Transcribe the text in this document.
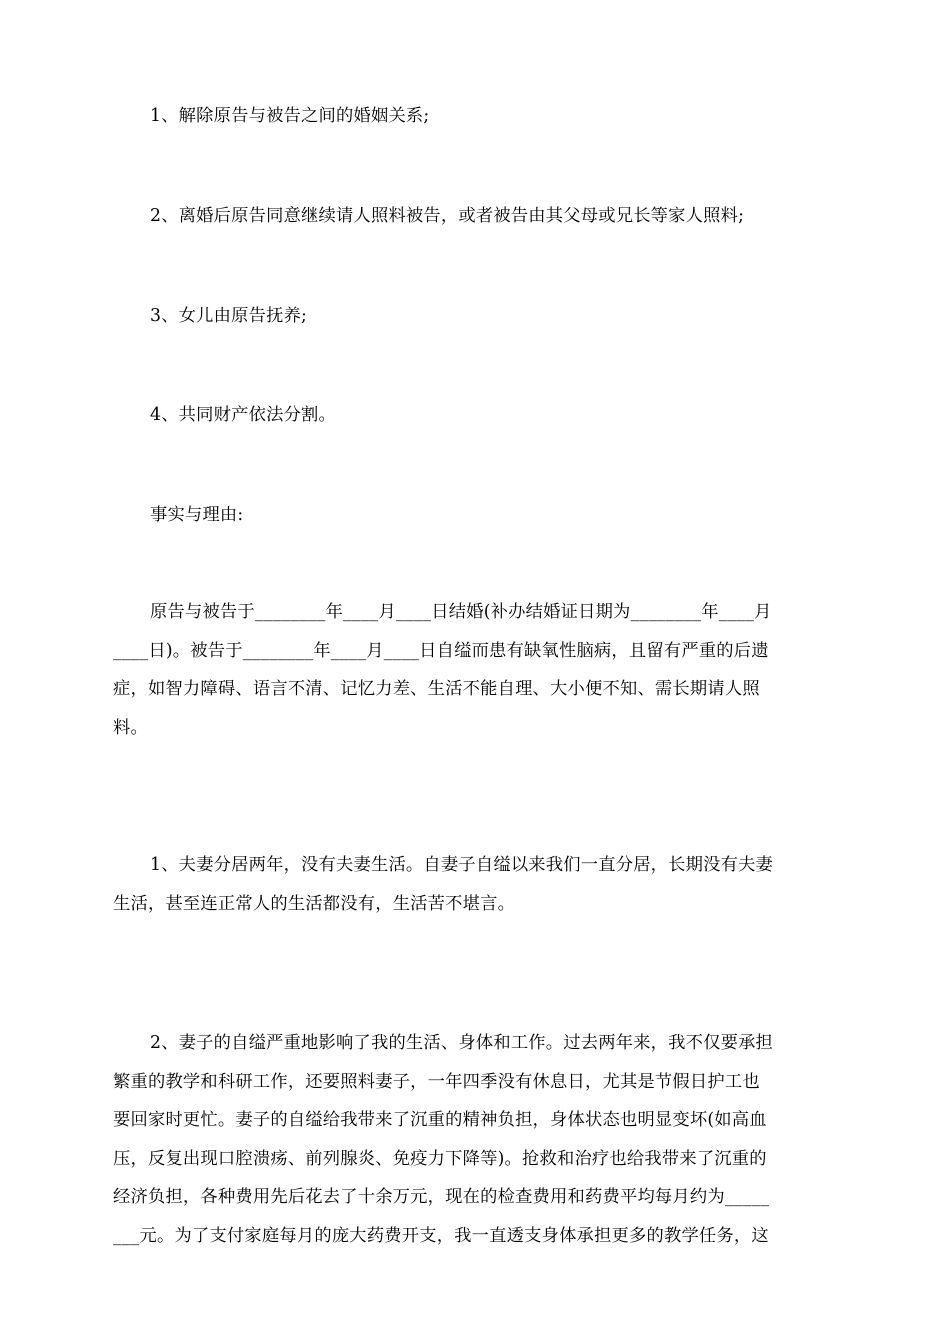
1、解除原告与被告之间的婚姻关系;

2、离婚后原告同意继续请人照料被告，或者被告由其父母或兄长等家人照料;

3、女儿由原告抚养;

4、共同财产依法分割。

事实与理由:

原告与被告于________年____月____日结婚(补办结婚证日期为________年____月
____日)。被告于________年____月____日自缢而患有缺氧性脑病，且留有严重的后遗
症，如智力障碍、语言不清、记忆力差、生活不能自理、大小便不知、需长期请人照
料。

1、夫妻分居两年，没有夫妻生活。自妻子自缢以来我们一直分居，长期没有夫妻
生活，甚至连正常人的生活都没有，生活苦不堪言。

2、妻子的自缢严重地影响了我的生活、身体和工作。过去两年来，我不仅要承担
繁重的教学和科研工作，还要照料妻子，一年四季没有休息日，尤其是节假日护工也
要回家时更忙。妻子的自缢给我带来了沉重的精神负担，身体状态也明显变坏(如高血
压，反复出现口腔溃疡、前列腺炎、免疫力下降等)。抢救和治疗也给我带来了沉重的
经济负担，各种费用先后花去了十余万元，现在的检查费用和药费平均每月约为_____
___元。为了支付家庭每月的庞大药费开支，我一直透支身体承担更多的教学任务，这
